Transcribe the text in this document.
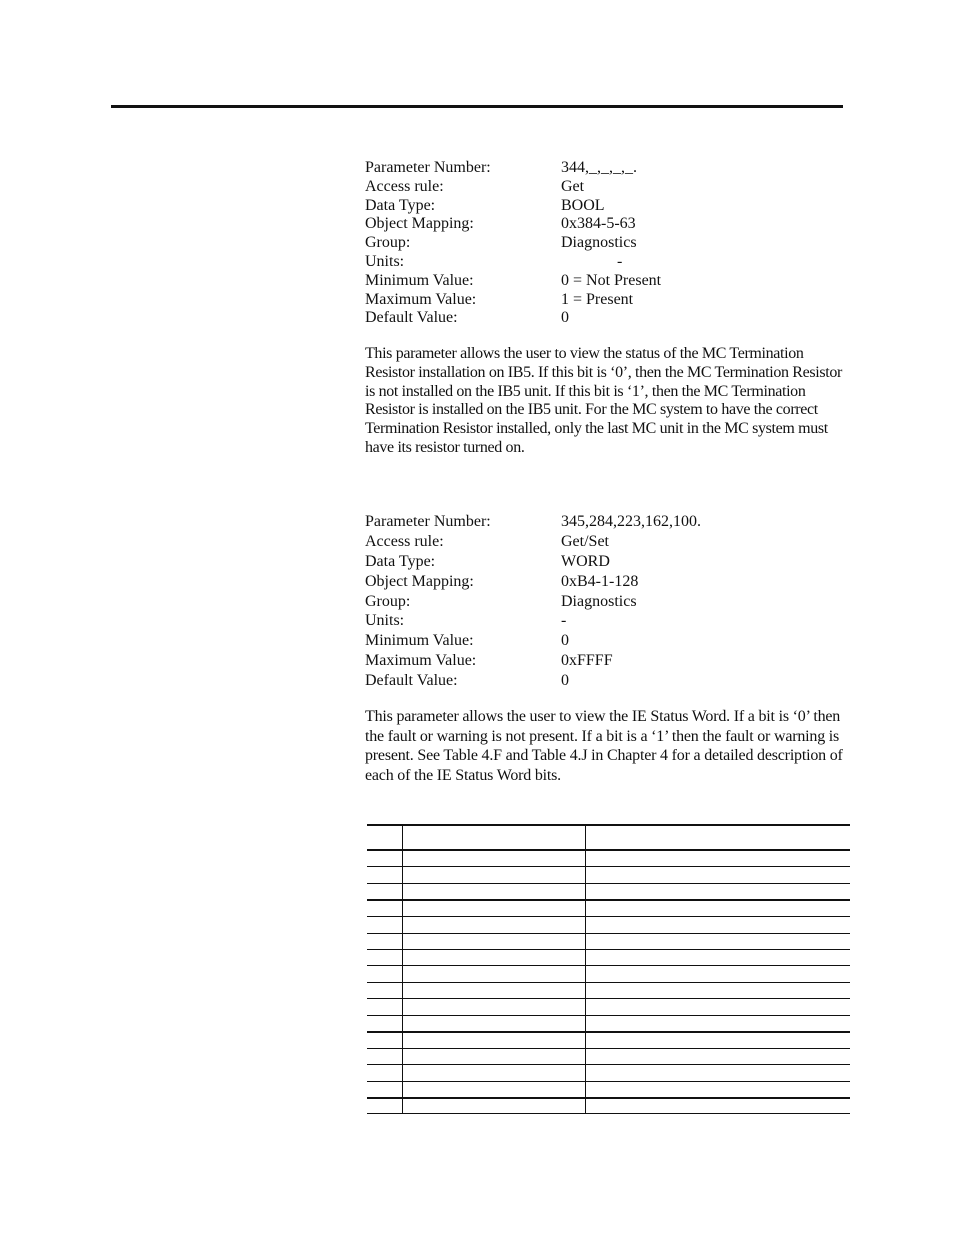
Parameter Number:	344,_,_,_,_.
Access rule:	Get
Data Type:	BOOL
Object Mapping:	0x384-5-63
Group:	Diagnostics
Units:	-
Minimum Value:	0 = Not Present
Maximum Value:	1 = Present
Default Value:	0
This parameter allows the user to view the status of the MC Termination Resistor installation on IB5. If this bit is ‘0’, then the MC Termination Resistor is not installed on the IB5 unit. If this bit is ‘1’, then the MC Termination Resistor is installed on the IB5 unit. For the MC system to have the correct Termination Resistor installed, only the last MC unit in the MC system must have its resistor turned on.
Parameter Number:	345,284,223,162,100.
Access rule:	Get/Set
Data Type:	WORD
Object Mapping:	0xB4-1-128
Group:	Diagnostics
Units:	-
Minimum Value:	0
Maximum Value:	0xFFFF
Default Value:	0
This parameter allows the user to view the IE Status Word. If a bit is ‘0’ then the fault or warning is not present. If a bit is a ‘1’ then the fault or warning is present. See Table 4.F and Table 4.J in Chapter 4 for a detailed description of each of the IE Status Word bits.
